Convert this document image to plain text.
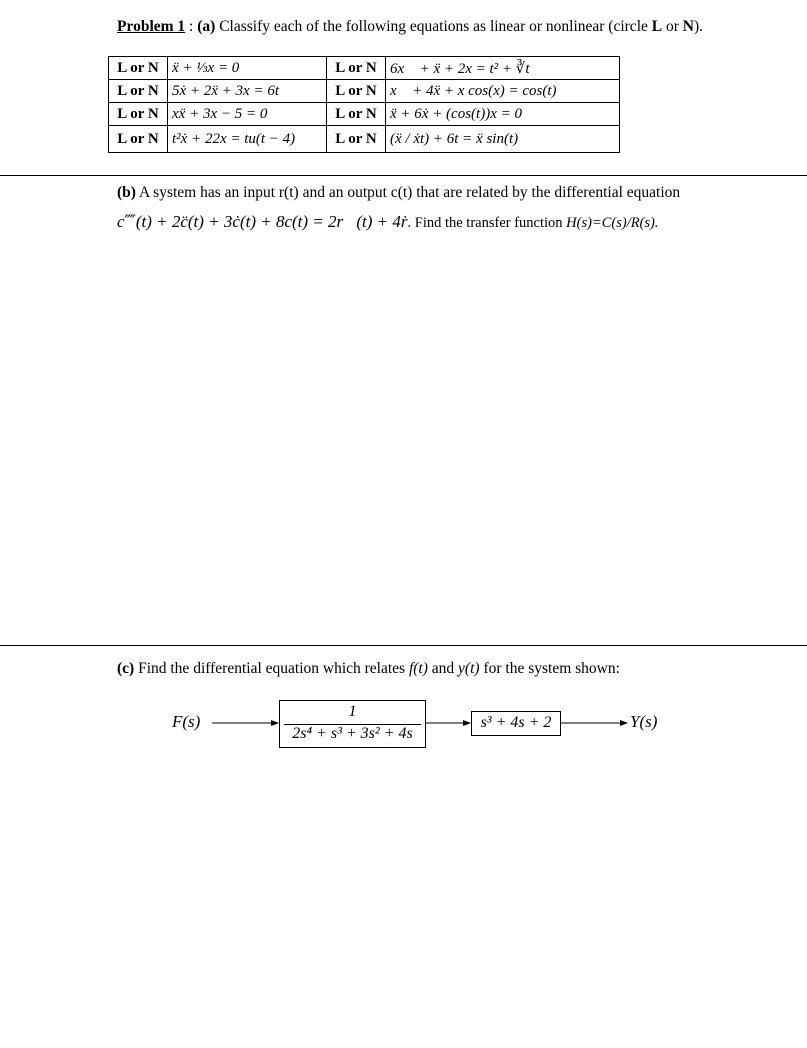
Problem 1 : (a) Classify each of the following equations as linear or nonlinear (circle L or N).
L or N	ẍ + ⅓x = 0	L or N	6x⃛ + ẍ + 2x = t² + ∛t
L or N	5ẋ + 2ẍ + 3x = 6t	L or N	x⃛ + 4ẍ + x cos(x) = cos(t)
L or N	xẍ + 3x − 5 = 0	L or N	ẍ + 6ẋ + (cos(t))x = 0
L or N	t²ẋ + 22x = tu(t − 4)	L or N	(ẍ / ẋt) + 6t = ẍ sin(t)
(b) A system has an input r(t) and an output c(t) that are related by the differential equation
c⁗(t) + 2c̈(t) + 3ċ(t) + 8c(t) = 2r⃛(t) + 4ṙ. Find the transfer function H(s)=C(s)/R(s).
(c) Find the differential equation which relates f(t) and y(t) for the system shown:
F(s)
1
2s⁴ + s³ + 3s² + 4s
s³ + 4s + 2	Y(s)
